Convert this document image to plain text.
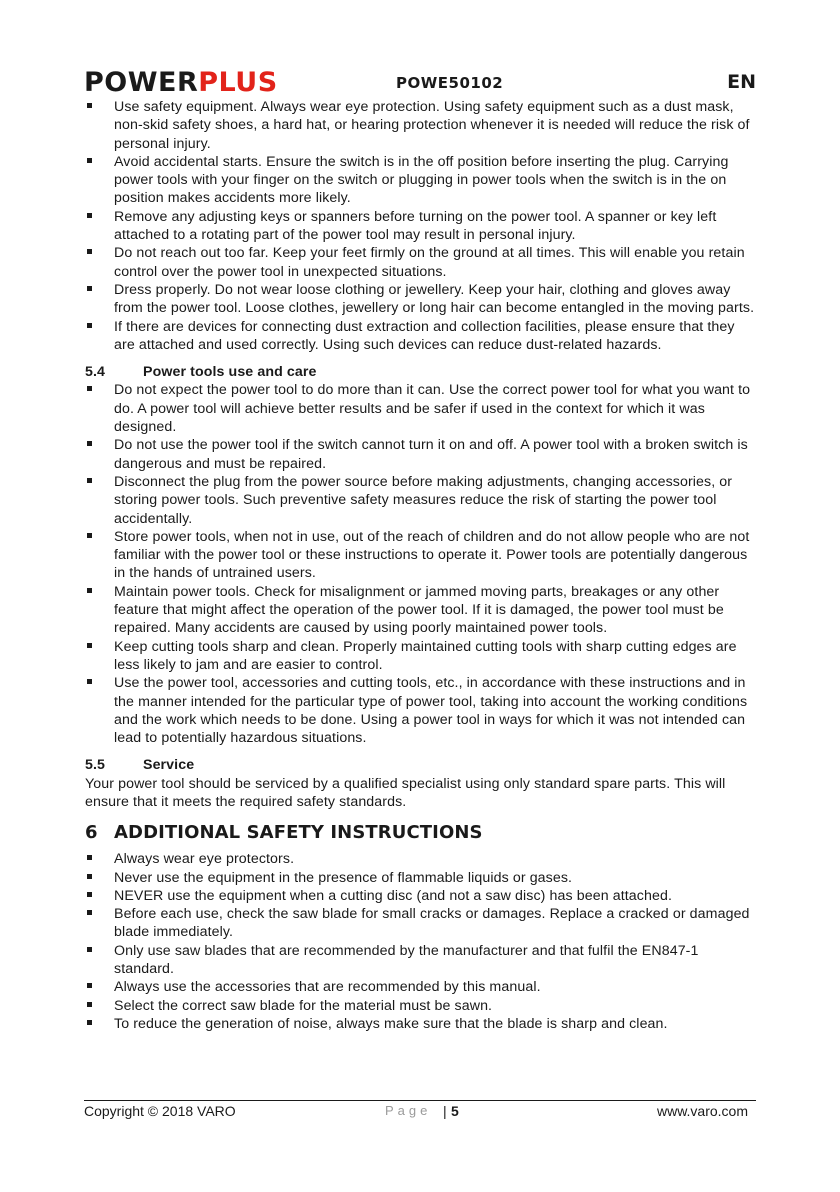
POWERPLUS	POWE50102	EN
Use safety equipment. Always wear eye protection. Using safety equipment such as a dust mask, non-skid safety shoes, a hard hat, or hearing protection whenever it is needed will reduce the risk of personal injury.
Avoid accidental starts. Ensure the switch is in the off position before inserting the plug. Carrying power tools with your finger on the switch or plugging in power tools when the switch is in the on position makes accidents more likely.
Remove any adjusting keys or spanners before turning on the power tool. A spanner or key left attached to a rotating part of the power tool may result in personal injury.
Do not reach out too far. Keep your feet firmly on the ground at all times. This will enable you retain control over the power tool in unexpected situations.
Dress properly. Do not wear loose clothing or jewellery. Keep your hair, clothing and gloves away from the power tool. Loose clothes, jewellery or long hair can become entangled in the moving parts.
If there are devices for connecting dust extraction and collection facilities, please ensure that they are attached and used correctly. Using such devices can reduce dust-related hazards.
5.4	Power tools use and care
Do not expect the power tool to do more than it can. Use the correct power tool for what you want to do. A power tool will achieve better results and be safer if used in the context for which it was designed.
Do not use the power tool if the switch cannot turn it on and off. A power tool with a broken switch is dangerous and must be repaired.
Disconnect the plug from the power source before making adjustments, changing accessories, or storing power tools. Such preventive safety measures reduce the risk of starting the power tool accidentally.
Store power tools, when not in use, out of the reach of children and do not allow people who are not familiar with the power tool or these instructions to operate it. Power tools are potentially dangerous in the hands of untrained users.
Maintain power tools. Check for misalignment or jammed moving parts, breakages or any other feature that might affect the operation of the power tool. If it is damaged, the power tool must be repaired. Many accidents are caused by using poorly maintained power tools.
Keep cutting tools sharp and clean. Properly maintained cutting tools with sharp cutting edges are less likely to jam and are easier to control.
Use the power tool, accessories and cutting tools, etc., in accordance with these instructions and in the manner intended for the particular type of power tool, taking into account the working conditions and the work which needs to be done. Using a power tool in ways for which it was not intended can lead to potentially hazardous situations.
5.5	Service

Your power tool should be serviced by a qualified specialist using only standard spare parts. This will ensure that it meets the required safety standards.

6 ADDITIONAL SAFETY INSTRUCTIONS
Always wear eye protectors.
Never use the equipment in the presence of flammable liquids or gases.
NEVER use the equipment when a cutting disc (and not a saw disc) has been attached.
Before each use, check the saw blade for small cracks or damages. Replace a cracked or damaged blade immediately.
Only use saw blades that are recommended by the manufacturer and that fulfil the EN847-1 standard.
Always use the accessories that are recommended by this manual.
Select the correct saw blade for the material must be sawn.
To reduce the generation of noise, always make sure that the blade is sharp and clean.
Copyright © 2018 VARO	Page | 5	www.varo.com
